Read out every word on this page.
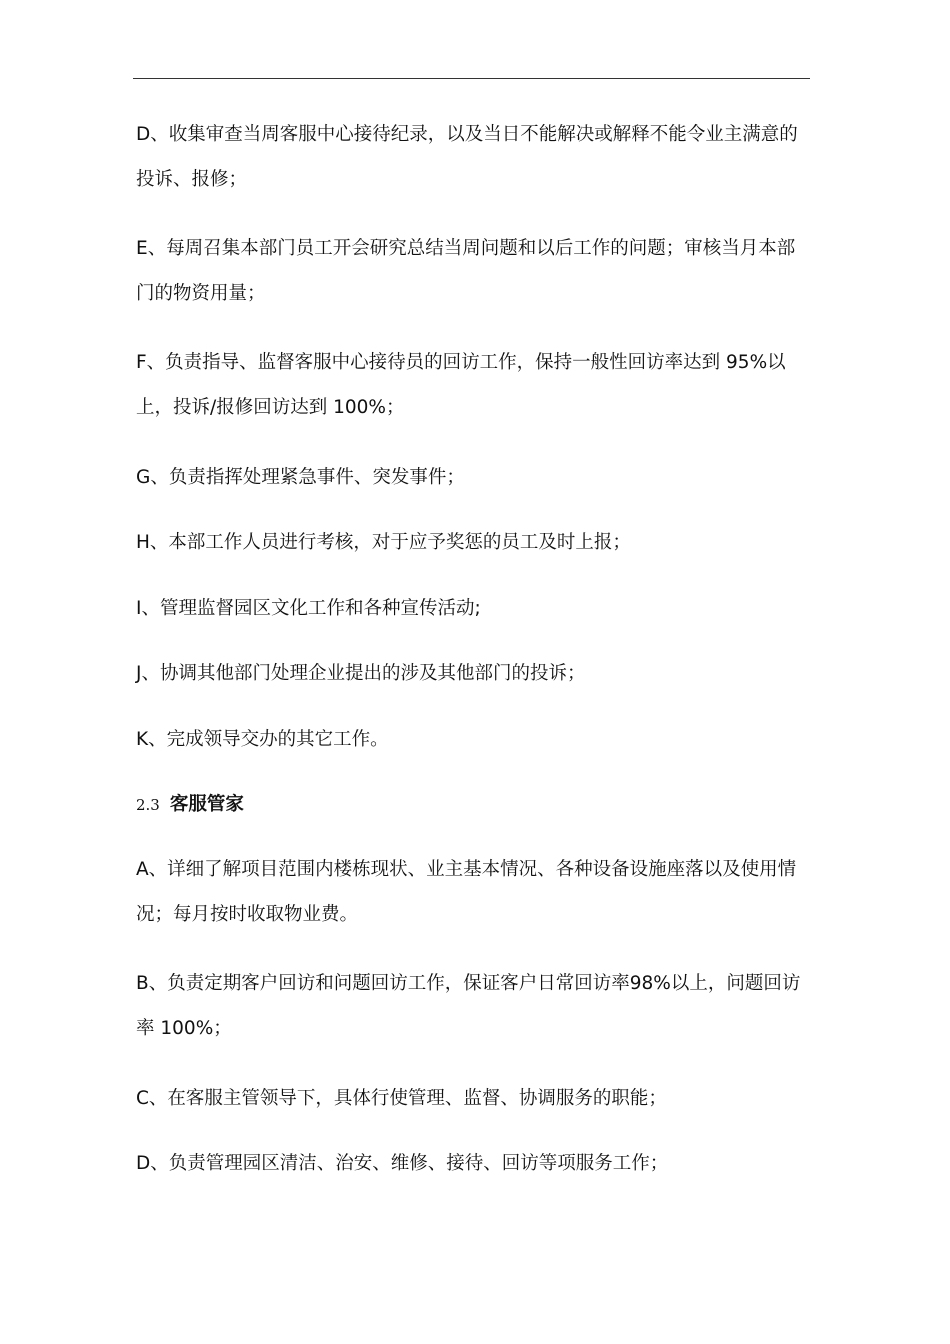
D、收集审查当周客服中心接待纪录，以及当日不能解决或解释不能令业主满意的投诉、报修；

E、每周召集本部门员工开会研究总结当周问题和以后工作的问题；审核当月本部门的物资用量；

F、负责指导、监督客服中心接待员的回访工作，保持一般性回访率达到 95%以上，投诉/报修回访达到 100%；

G、负责指挥处理紧急事件、突发事件；

H、本部工作人员进行考核，对于应予奖惩的员工及时上报；

I、管理监督园区文化工作和各种宣传活动;

J、协调其他部门处理企业提出的涉及其他部门的投诉；

K、完成领导交办的其它工作。

2.3 客服管家

A、详细了解项目范围内楼栋现状、业主基本情况、各种设备设施座落以及使用情况；每月按时收取物业费。

B、负责定期客户回访和问题回访工作，保证客户日常回访率98%以上，问题回访率 100%；

C、在客服主管领导下，具体行使管理、监督、协调服务的职能；

D、负责管理园区清洁、治安、维修、接待、回访等项服务工作；
